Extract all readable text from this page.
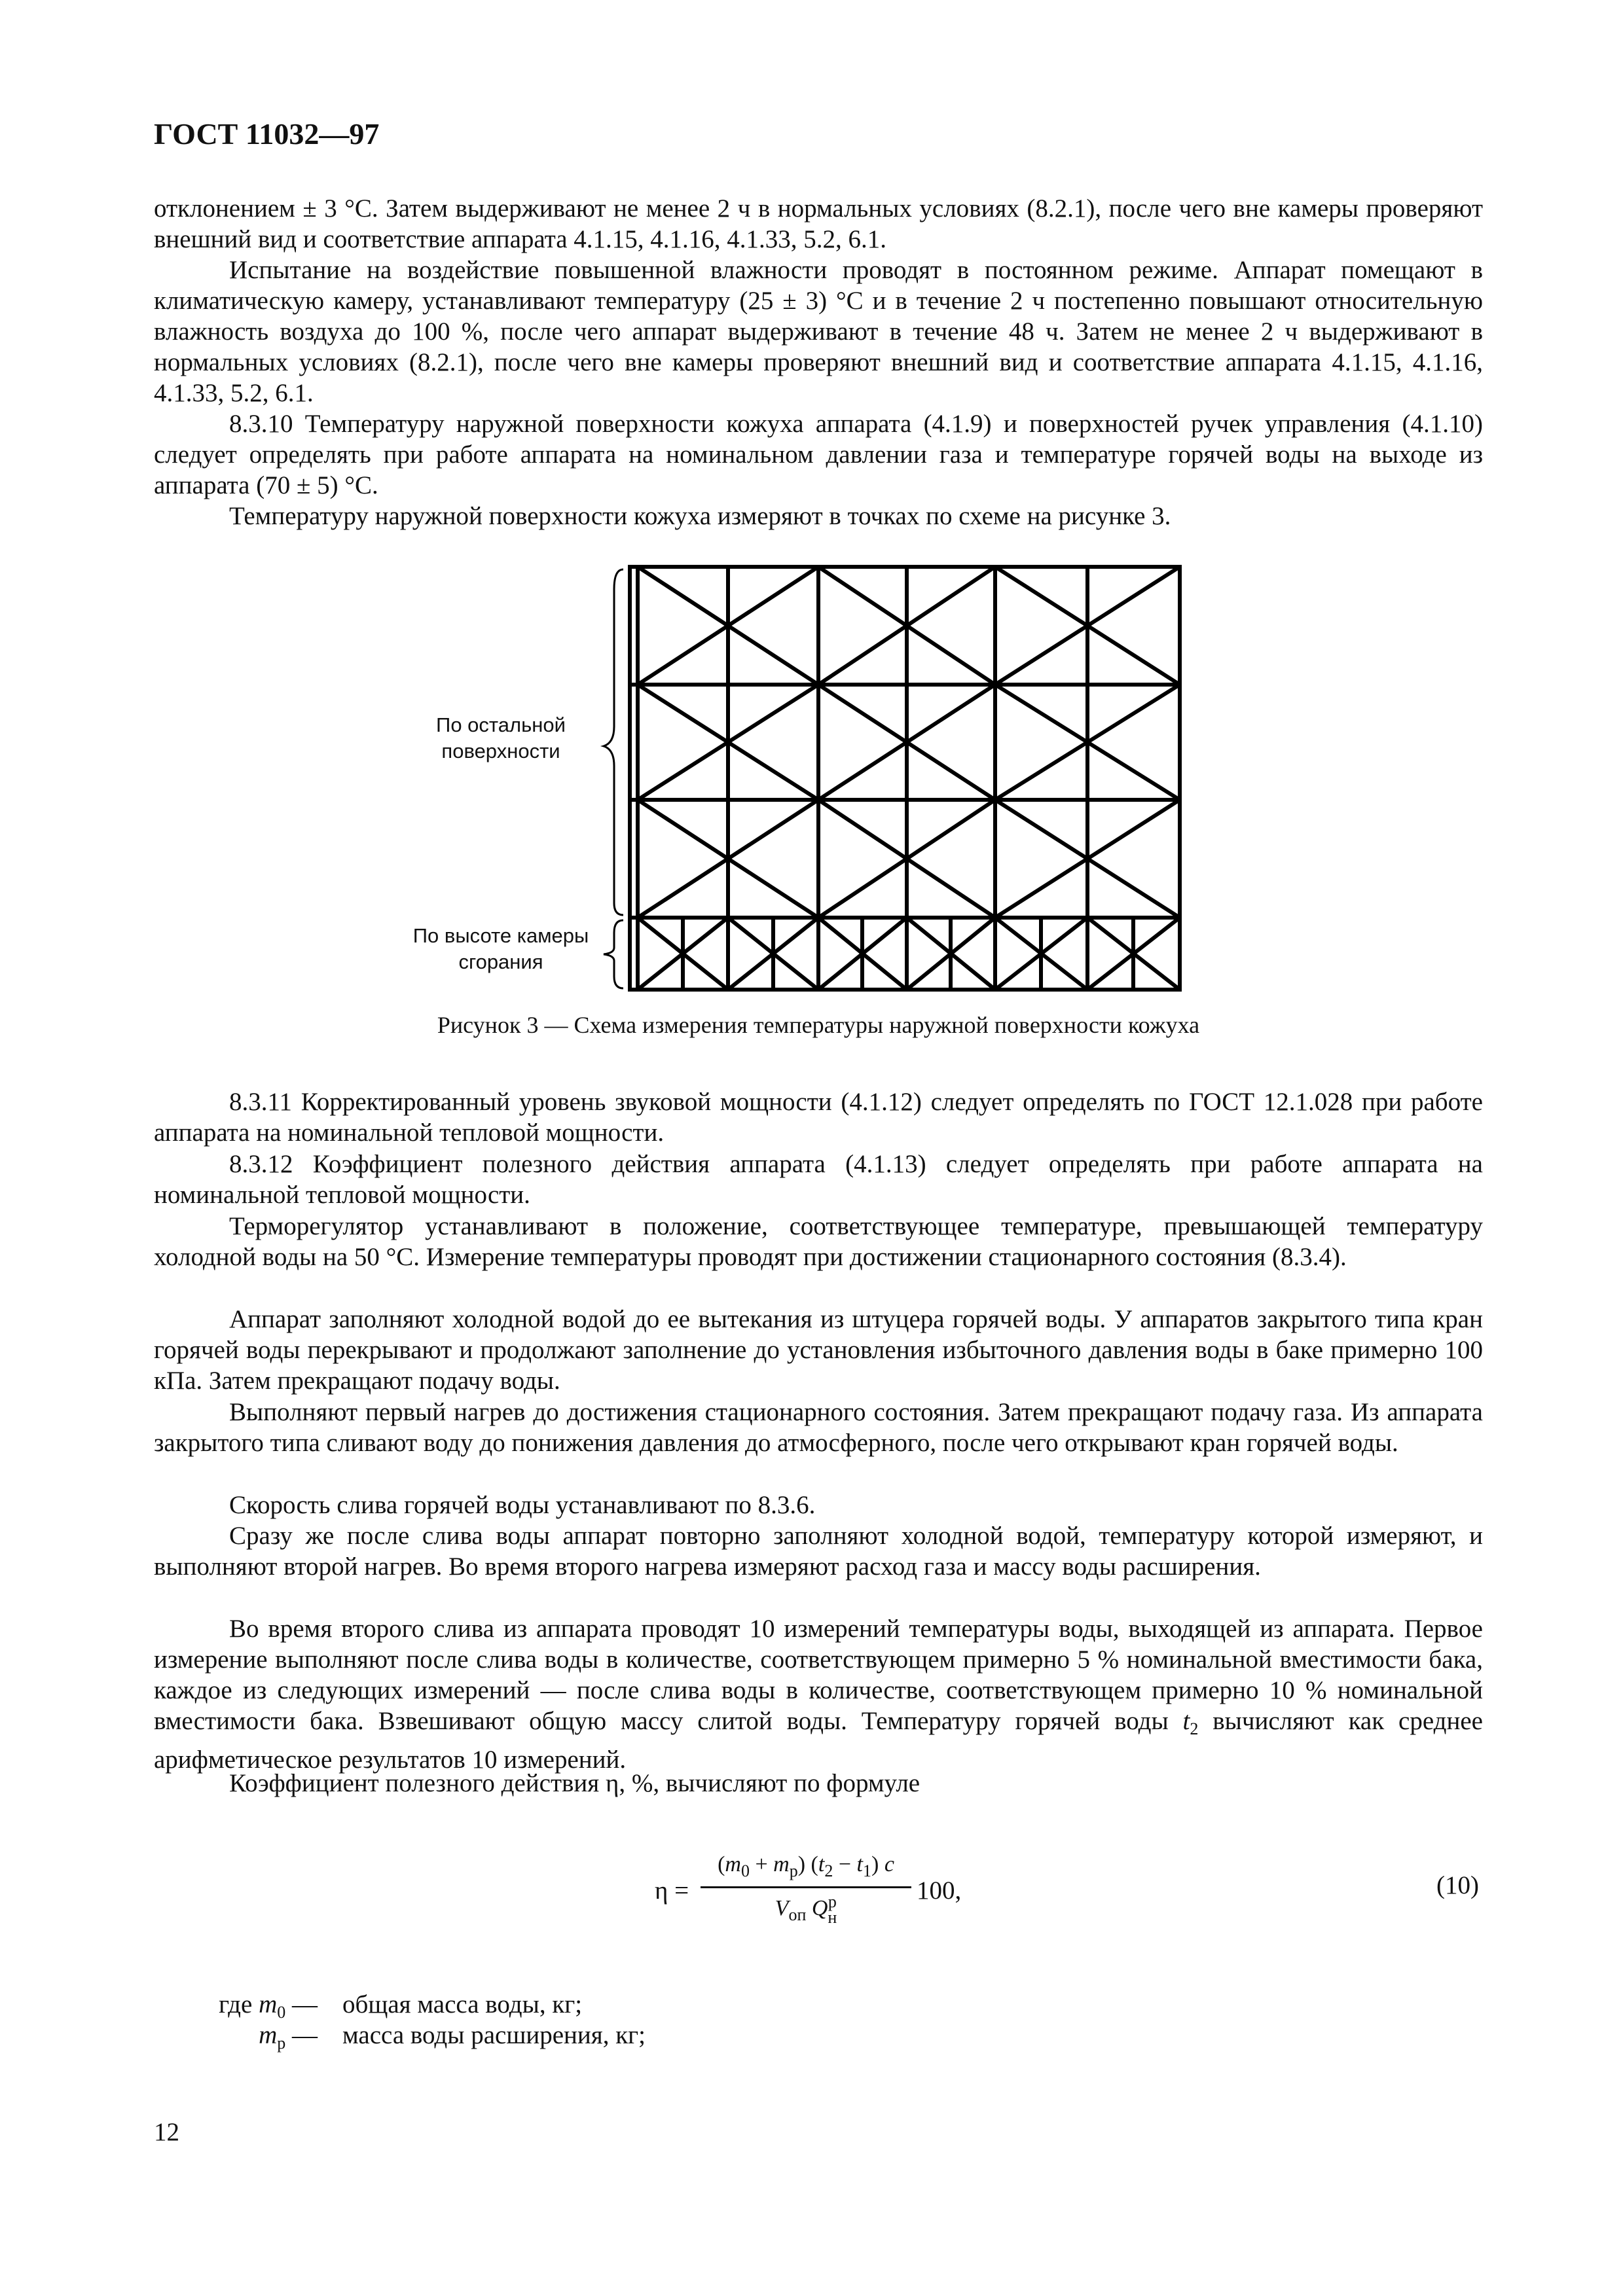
ГОСТ 11032—97

отклонением ± 3 °С. Затем выдерживают не менее 2 ч в нормальных условиях (8.2.1), после чего вне камеры проверяют внешний вид и соответствие аппарата 4.1.15, 4.1.16, 4.1.33, 5.2, 6.1.

Испытание на воздействие повышенной влажности проводят в постоянном режиме. Аппарат помещают в климатическую камеру, устанавливают температуру (25 ± 3) °С и в течение 2 ч постепенно повышают относительную влажность воздуха до 100 %, после чего аппарат выдерживают в течение 48 ч. Затем не менее 2 ч выдерживают в нормальных условиях (8.2.1), после чего вне камеры проверяют внешний вид и соответствие аппарата 4.1.15, 4.1.16, 4.1.33, 5.2, 6.1.

8.3.10 Температуру наружной поверхности кожуха аппарата (4.1.9) и поверхностей ручек управления (4.1.10) следует определять при работе аппарата на номинальном давлении газа и температуре горячей воды на выходе из аппарата (70 ± 5) °С.

Температуру наружной поверхности кожуха измеряют в точках по схеме на рисунке 3.

По остальной
поверхности
По высоте камеры
сгорания
Рисунок 3 — Схема измерения температуры наружной поверхности кожуха

8.3.11 Корректированный уровень звуковой мощности (4.1.12) следует определять по ГОСТ 12.1.028 при работе аппарата на номинальной тепловой мощности.

8.3.12 Коэффициент полезного действия аппарата (4.1.13) следует определять при работе аппарата на номинальной тепловой мощности.

Терморегулятор устанавливают в положение, соответствующее температуре, превышающей температуру холодной воды на 50 °С. Измерение температуры проводят при достижении стационарного состояния (8.3.4).

Аппарат заполняют холодной водой до ее вытекания из штуцера горячей воды. У аппаратов закрытого типа кран горячей воды перекрывают и продолжают заполнение до установления избыточного давления воды в баке примерно 100 кПа. Затем прекращают подачу воды.

Выполняют первый нагрев до достижения стационарного состояния. Затем прекращают подачу газа. Из аппарата закрытого типа сливают воду до понижения давления до атмосферного, после чего открывают кран горячей воды.

Скорость слива горячей воды устанавливают по 8.3.6.

Сразу же после слива воды аппарат повторно заполняют холодной водой, температуру которой измеряют, и выполняют второй нагрев. Во время второго нагрева измеряют расход газа и массу воды расширения.

Во время второго слива из аппарата проводят 10 измерений температуры воды, выходящей из аппарата. Первое измерение выполняют после слива воды в количестве, соответствующем примерно 5 % номинальной вместимости бака, каждое из следующих измерений — после слива воды в количестве, соответствующем примерно 10 % номинальной вместимости бака. Взвешивают общую массу слитой воды. Температуру горячей воды $t_2$ вычисляют как среднее арифметическое результатов 10 измерений.

Коэффициент полезного действия η, %, вычисляют по формуле

η =
$(m_0 + m_р) (t_2 - t_1)$ c
$V_{оп}$ Q р
н
100,	(10)
где $m_0$ — общая масса воды, кг;
$m_р$ — масса воды расширения, кг;
12
